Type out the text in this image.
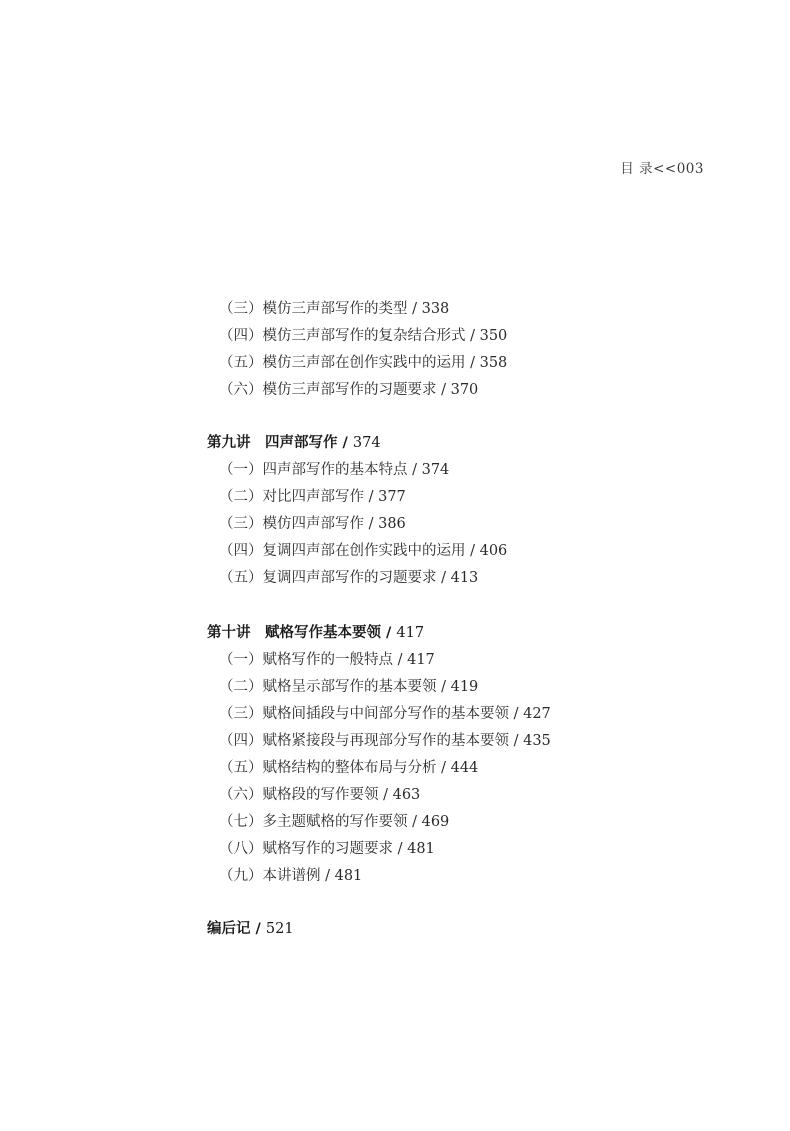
目 录<<003
（三）模仿三声部写作的类型 / 338
（四）模仿三声部写作的复杂结合形式 / 350
（五）模仿三声部在创作实践中的运用 / 358
（六）模仿三声部写作的习题要求 / 370
第九讲　四声部写作 / 374
（一）四声部写作的基本特点 / 374
（二）对比四声部写作 / 377
（三）模仿四声部写作 / 386
（四）复调四声部在创作实践中的运用 / 406
（五）复调四声部写作的习题要求 / 413
第十讲　赋格写作基本要领 / 417
（一）赋格写作的一般特点 / 417
（二）赋格呈示部写作的基本要领 / 419
（三）赋格间插段与中间部分写作的基本要领 / 427
（四）赋格紧接段与再现部分写作的基本要领 / 435
（五）赋格结构的整体布局与分析 / 444
（六）赋格段的写作要领 / 463
（七）多主题赋格的写作要领 / 469
（八）赋格写作的习题要求 / 481
（九）本讲谱例 / 481
编后记 / 521
